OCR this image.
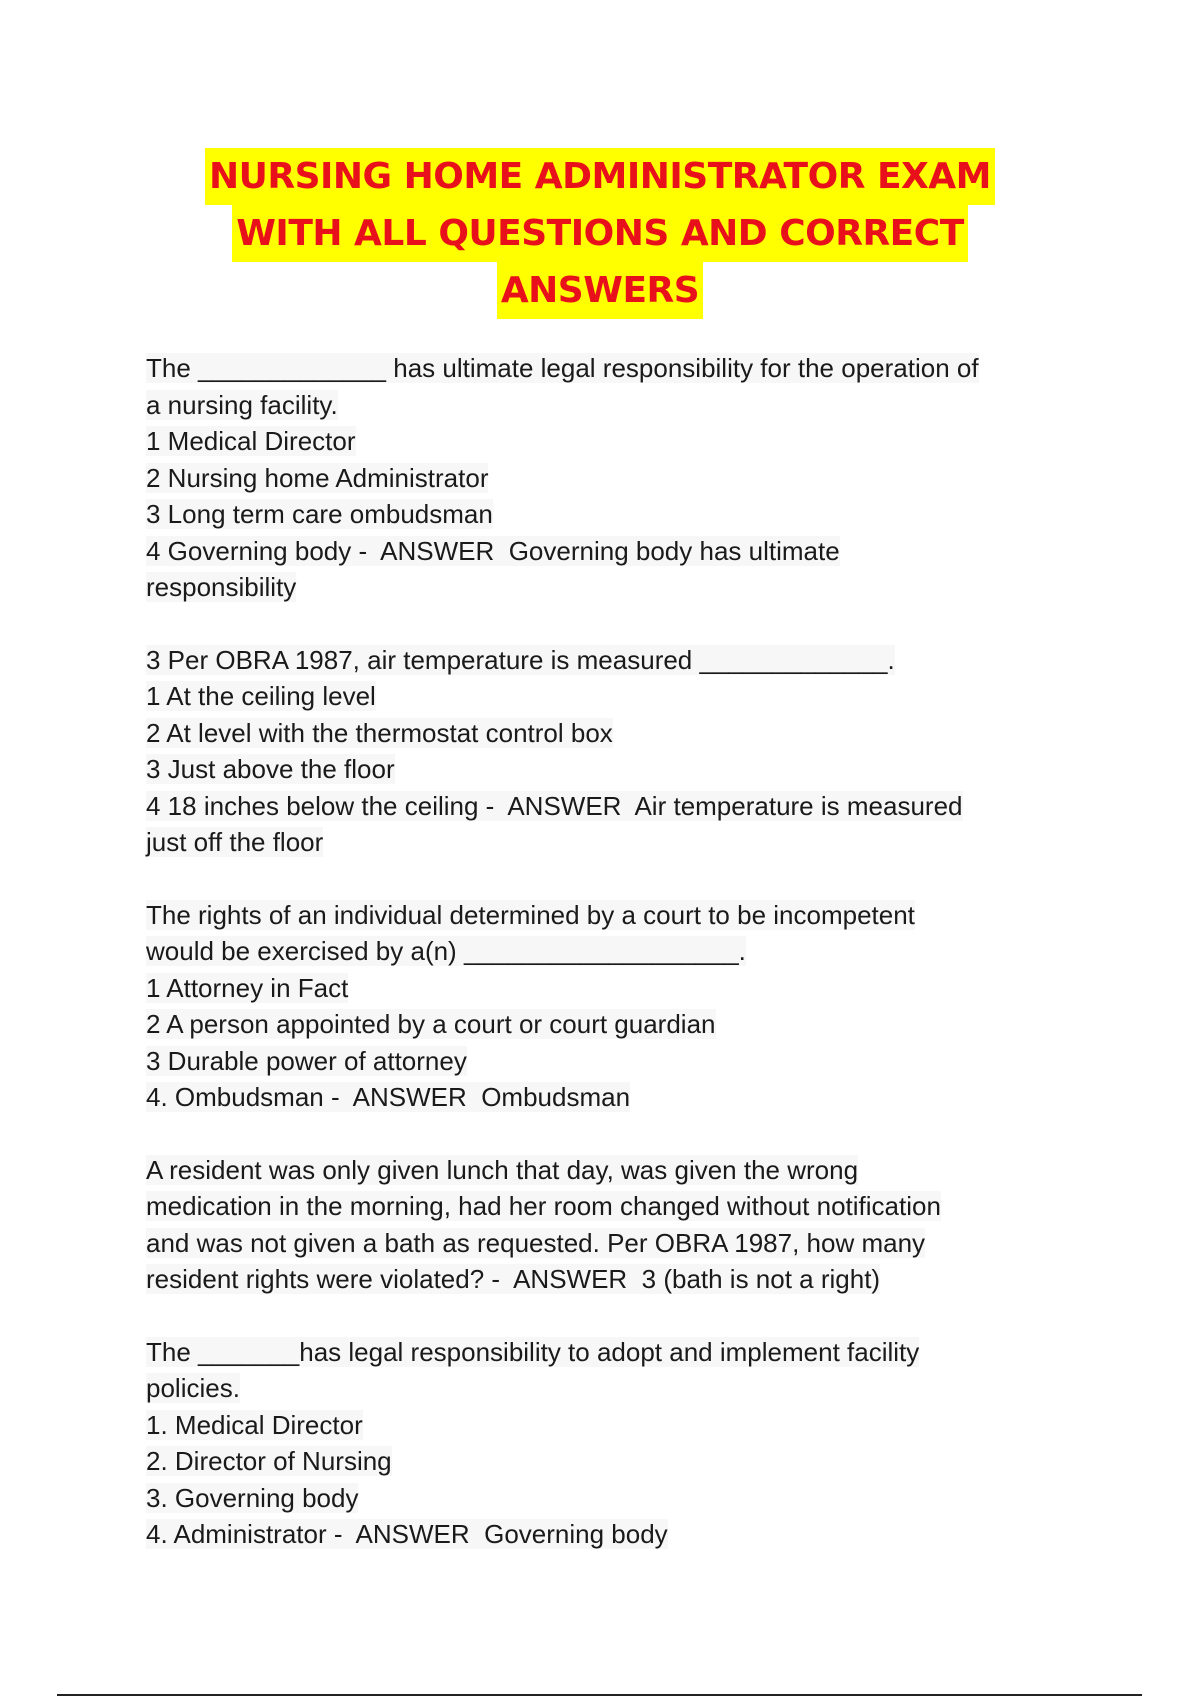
NURSING HOME ADMINISTRATOR EXAM
WITH ALL QUESTIONS AND CORRECT
ANSWERS
The _____________ has ultimate legal responsibility for the operation of
a nursing facility.
1 Medical Director
2 Nursing home Administrator
3 Long term care ombudsman
4 Governing body -  ANSWER  Governing body has ultimate
responsibility
3 Per OBRA 1987, air temperature is measured _____________.
1 At the ceiling level
2 At level with the thermostat control box
3 Just above the floor
4 18 inches below the ceiling -  ANSWER  Air temperature is measured
just off the floor
The rights of an individual determined by a court to be incompetent
would be exercised by a(n) ___________________.
1 Attorney in Fact
2 A person appointed by a court or court guardian
3 Durable power of attorney
4. Ombudsman -  ANSWER  Ombudsman
A resident was only given lunch that day, was given the wrong
medication in the morning, had her room changed without notification
and was not given a bath as requested. Per OBRA 1987, how many
resident rights were violated? -  ANSWER  3 (bath is not a right)
The _______has legal responsibility to adopt and implement facility
policies.
1. Medical Director
2. Director of Nursing
3. Governing body
4. Administrator -  ANSWER  Governing body
